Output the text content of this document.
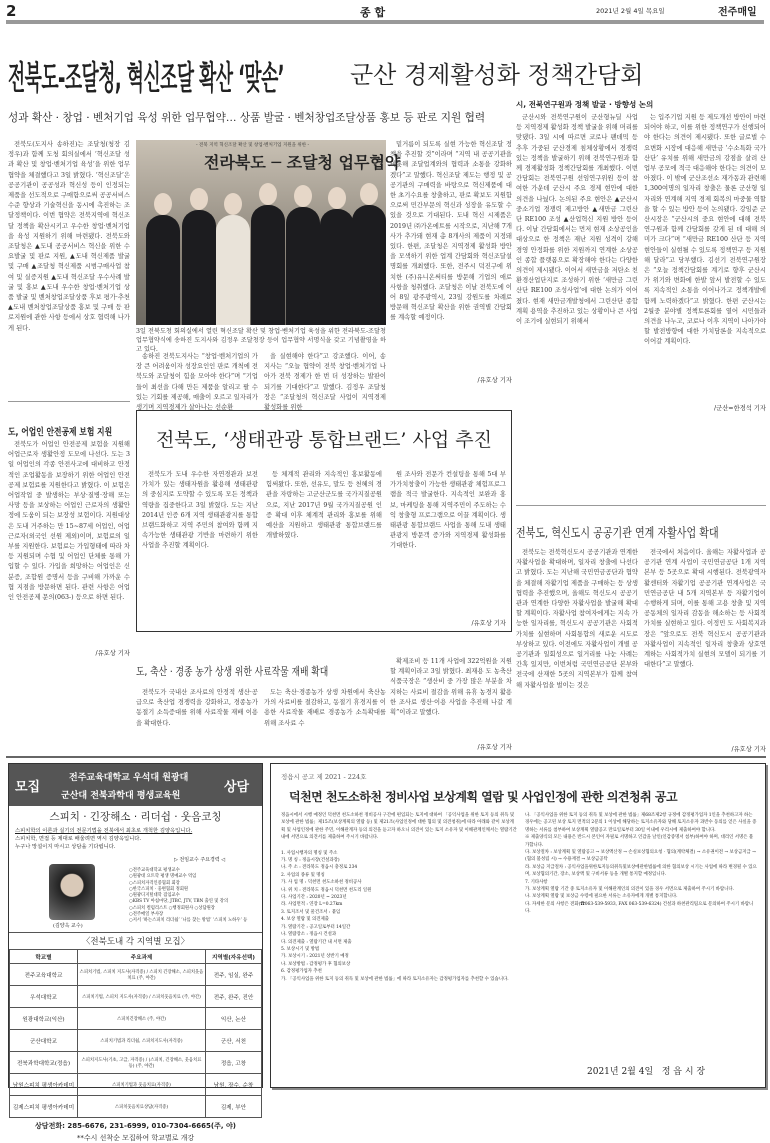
2	종 합	2021년 2월 4일 목요일	전주매일
전북도-조달청, 혁신조달 확산 ‘맞손’
성과 확산 · 창업 · 벤처기업 육성 위한 업무협약… 상품 발굴 · 벤처창업조달상품 홍보 등 판로 지원 협력

전북도(도지사 송하진)는 조달청(청장 김정우)과 함께 도청 회의실에서 ‘혁신조달 성과 확산 및 창업·벤처기업 육성’을 위한 업무협약을 체결했다고 3일 밝혔다. ‘혁신조달’은 공공기관이 공공성과 혁신성 등이 인정되는 제품을 선도적으로 구매함으로써 공공서비스 수준 향상과 기술혁신을 동시에 촉진하는 조달정책이다. 이번 협약은 전북지역에 혁신조달 정책을 확산시키고 우수한 창업·벤처기업을 육성 지원하기 위해 마련됐다. 전북도와 조달청은 ▲도내 공공서비스 혁신을 위한 수요발굴 및 판로 지원, ▲도내 혁신제품 발굴 및 구매 ▲조달청 혁신제품 시범구매사업 참여 및 실증지원 ▲도내 혁신조달 우수사례 발굴 및 홍보 ▲도내 우수한 창업·벤처기업 상품 발굴 및 벤처창업조달상품 후보 평가·추천 ▲도내 벤처창업조달상품 홍보 및 구매 등 판로지원에 관한 사항 등에서 상호 협력해 나가게 된다.

- 전북 지역 혁신조달 확산 및 창업·벤처기업 지원을 위한 -
전라북도 ─ 조달청 업무협약
3일 전북도청 회의실에서 열린 혁신조달 확산 및 창업·벤처기업 육성을 위한 전라북도-조달청 업무협약식에 송하진 도지사와 김정우 조달청장 등이 업무협약 서명식을 갖고 기념촬영을 하고 있다.

송하진 전북도지사는 “창업·벤처기업의 가장 큰 어려움이자 성장요인인 판로 개척에 전북도와 조달청이 힘을 모아야 한다”며 “기업들이 최선을 다해 만든 제품을 알리고 팔 수 있는 기회를 제공해, 매출이 오르고 일자리가 생기며 지역경제가 살아나는 선순환

을 실현해야 한다”고 강조했다. 이어, 송 지사는 “오늘 협약이 전북 창업·벤처기업 나아가 전북 경제가 한 번 더 성장하는 발판이 되기를 기대한다”고 말했다. 김정우 조달청장은 “조달청의 혁신조달 사업이 지역경제 활성화를 위한

밑거름이 되도록 실현 가능한 혁신조달 정책을 추진할 것”이라며 “지역 내 공공기관을 비롯해 조달업계와의 협력과 소통을 강화하겠다”고 말했다. 혁신조달 제도는 행정 및 공공기관의 구매력을 바탕으로 혁신제품에 대한 초기수요를 창출하고, 판로 확보도 지원함으로써 민간부문의 혁신과 성장을 유도할 수 있을 것으로 기대된다. 도내 혁신 시제품은 2019년 ㈜가온에트를 시작으로, 지난해 7개 사가 추가돼 현재 총 8개사의 제품이 지정돼 있다. 한편, 조달청은 지역경제 활성화 방안을 모색하기 위한 업계 간담회와 혁신조달설명회를 개최했다. 또한, 전주시 덕진구에 위치한 (주)유니온써티를 방문해 기업의 애로사항을 청취했다. 조달청은 이날 전북도에 이어 8일 광주광역시, 23일 강원도를 차례로 방문해 혁신조달 확산을 위한 권역별 간담회를 계속할 예정이다.

/유호상 기자
군산 경제활성화 정책간담회
시, 전북연구원과 정책 발굴 · 방향성 논의

군산시와 전북연구원이 군산형뉴딜 사업 등 지역경제 활성화 정책 발굴을 위해 머리를 맞댔다. 3일 시에 따르면 코로나 팬데믹 등 추후 가중된 군산경제 침체상황에서 경쟁력 있는 정책을 발굴하기 위해 전북연구원과 함께 경제활성화 정책간담회를 개최했다. 이번 간담회는 전북연구원 선임연구위원 등이 참여한 가운데 군산시 주요 경제 현안에 대한 의견을 나눴다. 논의된 주요 현안은 ▲군산시 중소기업 경쟁력 제고방안 ▲새만금 그린산단 RE100 조성 ▲산업혁신 지원 방안 등이다. 이날 간담회에서는 먼저 현재 소상공인을 대상으로 한 정책은 재난 지원 성격이 강해 경영 안정화를 위한 지원까지 연계한 소상공인 종합 플랫폼으로 확장해야 한다는 다양한 의견이 제시됐다. 이어서 새만금을 저탄소 친환경산업단지로 조성하기 위한 ‘새만금 그린산단 RE100 조성사업’에 대한 논의가 이어졌다. 현재 새만금개발청에서 그린산단 종합계획 용역을 추진하고 있는 상황이나 큰 사업이 조기에 실현되기 위해서

는 입주기업 지원 등 제도개선 방안이 마련되어야 하고, 이를 위한 정책연구가 선행되어야 한다는 의견이 제시됐다. 또한 글로벌 수요변화 시장에 대응해 새만금 ‘수소특화 국가산단’ 유치를 위해 새만금의 강점을 살려 산업부 공모에 적극 대응해야 한다는 의견이 모아졌다. 이 밖에 군산조선소 재가동과 관련해 1,300여명의 일자리 창출은 물론 군산형 일자리와 연계해 지역 경제 회복의 마중물 역할을 할 수 있는 방안 등이 논의됐다. 강임준 군산시장은 “군산시의 중요 현안에 대해 전북연구원과 함께 간담회를 갖게 된 데 대해 의미가 크다”며 “새만금 RE100 산단 등 지역 현안들이 실현될 수 있도록 정책연구 등 지원해 달라”고 당부했다. 김선기 전북연구원장은 “오늘 정책간담회를 계기로 향후 군산시가 위기와 변화에 한발 앞서 발전할 수 있도록 지속적인 소통을 이어나가고 정책개발에 함께 노력하겠다”고 밝혔다. 한편 군산시는 2월중 분야별 정책토론회를 열어 시민들과 의견을 나누고, 코로나 이후 지역이 나아가야할 발전방향에 대한 가치담론을 지속적으로 이어갈 계획이다.

/군산=한경석 기자
도, 어업인 안전공제 보험 지원

전북도가 어업인 안전공제 보험을 지원해 어업근로자 생활안정 도모에 나선다. 도는 3일 어업인의 각종 안전사고에 대비하고 안정적인 조업활동을 보장하기 위한 어업인 안전공제 보험료를 지원한다고 밝혔다. 이 보험은 어업작업 중 발생하는 부상·질병·장해 또는 사망 등을 보상하는 어업인 근로자의 생활안정에 도움이 되는 보장성 보험이다. 지원대상은 도내 거주하는 만 15~87세 어업인, 어업 근로자(외국인 선원 제외)이며, 보험료의 일부를 지원한다. 보험료는 가입형태에 따라 차등 지원되며 수협 및 어업인 단체를 통해 가입할 수 있다. 가입을 희망하는 어업인은 신분증, 조합원 증명서 등을 구비해 가까운 수협 지점을 방문하면 된다. 관련 사항은 어업인 안전공제 문의(063-) 등으로 하면 된다.

/유호상 기자
전북도, ‘생태관광 통합브랜드’ 사업 추진

전북도가 도내 우수한 자연경관과 보전 가치가 있는 생태자원을 활용해 생태관광의 중심지로 도약할 수 있도록 모든 정책과 역량을 집중한다고 3일 밝혔다. 도는 지난 2014년 인증 6개 지역 생태관광지를 통합 브랜드화하고 지역 주민의 참여와 함께 지속가능한 생태관광 기반을 마련하기 위한 사업을 추진할 계획이다.

등 체계적 관리와 지속적인 홍보활동에 힘써왔다. 또한, 선유도, 말도 등 천혜의 경관을 자랑하는 고군산군도를 국가지질공원으로, 지난 2017년 9월 국가지질공원 인증 확대 이후 체계적 관리와 홍보를 위해 예산을 지원하고 생태관광 통합브랜드를 개발하였다.

원 조사와 전문가 컨설팅을 통해 5대 부가가치창출이 가능한 생태관광 체험프로그램을 적극 발굴한다. 지속적인 보완과 홍보, 마케팅을 통해 지역주민이 주도하는 수익 창출형 프로그램으로 이끌 계획이다. 생태관광 통합브랜드 사업을 통해 도내 생태관광지 방문객 증가와 지역경제 활성화를 기대한다.

/유호상 기자
전북도, 혁신도시 공공기관 연계 자활사업 확대

전북도는 전북혁신도시 공공기관과 연계한 자활사업을 확대하며, 일자리 창출에 나선다고 밝혔다. 도는 지난해 국민연금공단과 협약을 체결해 자활기업 제품을 구매하는 등 상생 협력을 추진했으며, 올해도 혁신도시 공공기관과 연계한 다양한 자활사업을 발굴해 확대할 계획이다. 자활사업 참여자에게는 지속 가능한 일자리를, 혁신도시 공공기관은 사회적 가치를 실현하며 사회통합의 새로운 시도로 부상하고 있다. 이전에도 자활사업이 개별 공공기관과 일회성으로 일거리를 나눈 사례는 간혹 있지만, 이번처럼 국민연금공단 본부와 전국에 산재한 5곳의 지역본부가 함께 참여해 자활사업을 벌이는 것은

전국에서 처음이다. 올해는 자활사업과 공공기관 연계 사업이 국민연금공단 1개 지역본부 등 5곳으로 확대 시행된다. 전북광역자활센터와 자활기업 공공기관 연계사업은 국민연금공단 내 5개 지역본부 등 자활기업이 수행하게 되며, 이를 통해 고용 창출 및 지역공동체의 일자리 감동을 해소하는 등 사회적 가치를 실현하고 있다. 이정민 도 사회복지과장은 “앞으로도 전북 혁신도시 공공기관과 자활사업이 지속적인 일자리 창출과 상호연계하는 사회적가치 실현의 모델이 되기를 기대한다”고 말했다.

/유호상 기자
도, 축산 · 경종 농가 상생 위한 사료작물 재배 확대

전북도가 국내산 조사료의 안정적 생산·공급으로 축산업 경쟁력을 강화하고, 경종농가 동절기 소득증대를 위해 사료작물 재배 이용을 확대한다.

도는 축산·경종농가 상생 차원에서 축산농가의 사료비를 절감하고, 동절기 휴경지를 이용한 사료작물 재배로 경종농가 소득확대를 위해 조사료 수

확제조비 등 11개 사업에 322억원을 지원할 계획이라고 3일 밝혔다. 최재용 도 농축산식품국장은 “생산비 중 가장 많은 부분을 차지하는 사료비 절감을 위해 유휴 농경지 활용한 조사료 생산·이용 사업을 추진해 나갈 계획”이라고 말했다.

/유호상 기자
모집
전주교육대학교 우석대 원광대
군산대 전북과학대 평생교육원
상담
스피치 · 긴장해소 · 리더쉽 · 웃음코칭
스피치학의 이론과 실기의 전문기법을 전북에서 최초로 개척한 김양옥입니다.
스피치학, 면접 등 제대로 배울려면 역시 김양옥입니다.
누구나 망설이지 마시고 상담을 기다립니다.
(김양옥 교수)
▷ 전임교수 주요경력 ◁
○전주교육대학교 평생교수
○원광대 요트학 평생 명예교수 역임
○스피치자격인증협회 회장
○한국스피치 · 웅변협회 정회원
○원광디지털대학 겸임교수
○KBS TV 아침마당, JTBC, JTV, TBN 출연 및 강의
○스피치 컬럼리스트 ○행정회원사 ○상담원장
○전주매일 부사장
○저서 ‘하는스피치 리더쉽’ ‘나를 찾는 방법’ ‘스피치 노하우’ 등
〈전북도내 각 지역별 모집〉
학교별	주요과제	지역별(자유선택)
전주교육대학교	스피치기법, 스피치 지도사(자격증) / 스피치 긴장해소, 스피치웃음치료 (주, 야간)	전주, 임실, 완주
우석대학교	스피치기법, 스피치 지도사(자격증) / 스피치웃음치료 (주, 야간)	전주, 완주, 진안
원광대학교(익산)	스피치긴장해소 (주, 야간)	익산, 논산
군산대학교	스피치기법과 리더쉽, 스피치지도사(자격증)	군산, 서천
전북과학대학교(정읍)	스피치지도사(기초, 고급, 자격증) / (스피치, 긴장해소, 웃음치료 등) (주, 야간)	정읍, 고창
남원스피치 평생아카데미	스피치기법과 웃음치료(자격증)	남원, 장수, 순창
김제스피치 평생아카데미	스피치웃음치료상담(자격증)	김제, 부안
상담전화: 285-6676, 231-6999, 010-7304-6665(주, 야)
**수시 선착순 모집하여 학교별로 개강
정읍시 공고 제 2021 - 224호
덕천면 천도소하천 정비사업 보상계획 열람 및 사업인정에 관한 의견청취 공고
정읍시에서 시행 예정인 덕천면 천도소하천 정비공사 구간에 편입되는 토지에 대하여 「공익사업을 위한 토지 등의 취득 및 보상에 관한 법률」제15조(보상계획의 열람 등) 및 제21조(사업인정에 대한 협의 및 의견청취)에 따라 아래와 같이 보상계획 및 사업인정에 관한 주민, 이해관계자 등의 의견을 듣고자 하오니 의견이 있는 토지 소유자 및 이해관계인께서는 열람기간 내에 서면으로 의견서를 제출하여 주시기 바랍니다.
1. 사업시행자의 명칭 및 주소
가. 명 칭 : 정읍시장(건설과장)
나. 주 소 : 전라북도 정읍시 충정로 234
2. 사업의 종류 및 명칭
가. 사 업 명 : 덕천면 천도소하천 정비공사
나. 위 치 : 전라북도 정읍시 덕천면 천도리 일원
다. 사업기간 : 2020년 ~ 2023년
라. 사업면적 : 연장 L=0.27km
3. 토지조서 및 물건조서 : 붙임
4. 보상 열람 및 의견제출
가. 열람기간 : 공고일로부터 14일간
나. 열람장소 : 정읍시 건설과
다. 의견제출 : 열람기간 내 서면 제출
5. 보상시기 및 방법
가. 보상시기 : 2021년 상반기 예정
나. 보상방법 : 감정평가 후 협의보상
6. 감정평가업자 추천
가. 「공익사업을 위한 토지 등의 취득 및 보상에 관한 법률」에 따라 토지소유자는 감정평가업자를 추천할 수 있습니다.
나. 「공익사업을 위한 토지 등의 취득 및 보상에 관한 법률」제68조제2항 규정에 감정평가업자 1인을 추천하고자 하는 경우에는 공고된 보상 토지 면적의 2분의 1 이상에 해당하는 토지소유자와 당해 토지소유자 과반수 동의를 얻은 사실을 증명하는 서류를 첨부하여 보상계획 열람공고 만료일로부터 30일 이내에 우리시에 제출하여야 합니다.
※ 제출양식의 모든 내용은 반드시 본인이 자필로 서명하고 인감을 날인(인감증명서 첨부)하여야 하며, 대리인 서명은 불가합니다.
다. 보상절차 : 보상계획 및 열람공고 → 보상액산정 → 손실보상협의요청 · 협의(계약체결) → 소유권이전 → 보상금지급 → (협의 불성립 시) → 수용재결 → 보상금공탁
라. 보상금 지급절차 : 공익사업을위한토지등의취득및보상에관한법률에 의한 협의보상 시기는 사업에 따라 변경될 수 있으며, 보상협의기간, 장소, 보상액 및 구비서류 등을 개별 통지할 예정입니다.
7. 기타사항
가. 보상계획 열람 기간 중 토지소유자 및 이해관계인의 의견이 있을 경우 서면으로 제출하여 주시기 바랍니다.
나. 보상계획 열람 및 보상금 수령에 필요한 서류는 소유자에게 개별 통지합니다.
다. 자세한 문의 사항은 전화(☎063-539-5933, FAX 063-539-6324) 건설과 하천관리팀으로 문의하여 주시기 바랍니다.
2021년 2월 4일   정 읍 시 장
